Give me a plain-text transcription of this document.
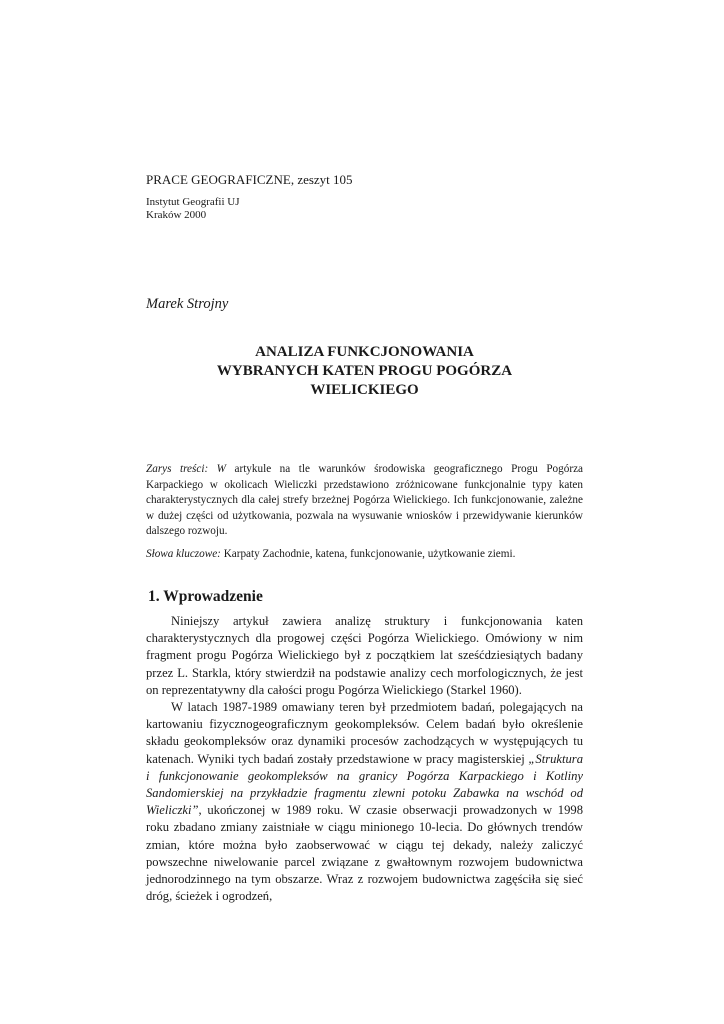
PRACE GEOGRAFICZNE, zeszyt 105
Instytut Geografii UJ
Kraków 2000
Marek Strojny
ANALIZA FUNKCJONOWANIA
WYBRANYCH KATEN PROGU POGÓRZA
WIELICKIEGO
Zarys treści: W artykule na tle warunków środowiska geograficznego Progu Pogórza Karpackiego w okolicach Wieliczki przedstawiono zróżnicowane funkcjonalnie typy katen charakterystycznych dla całej strefy brzeżnej Pogórza Wielickiego. Ich funkcjonowanie, zależne w dużej części od użytkowania, pozwala na wysuwanie wniosków i przewidywanie kierunków dalszego rozwoju.
Słowa kluczowe: Karpaty Zachodnie, katena, funkcjonowanie, użytkowanie ziemi.
1. Wprowadzenie

Niniejszy artykuł zawiera analizę struktury i funkcjonowania katen charakterystycznych dla progowej części Pogórza Wielickiego. Omówiony w nim fragment progu Pogórza Wielickiego był z początkiem lat sześćdziesiątych badany przez L. Starkla, który stwierdził na podstawie analizy cech morfologicznych, że jest on reprezentatywny dla całości progu Pogórza Wielickiego (Starkel 1960).

W latach 1987-1989 omawiany teren był przedmiotem badań, polegających na kartowaniu fizycznogeograficznym geokompleksów. Celem badań było określenie składu geokompleksów oraz dynamiki procesów zachodzących w występujących tu katenach. Wyniki tych badań zostały przedstawione w pracy magisterskiej „Struktura i funkcjonowanie geokompleksów na granicy Pogórza Karpackiego i Kotliny Sandomierskiej na przykładzie fragmentu zlewni potoku Zabawka na wschód od Wieliczki”, ukończonej w 1989 roku. W czasie obserwacji prowadzonych w 1998 roku zbadano zmiany zaistniałe w ciągu minionego 10-lecia. Do głównych trendów zmian, które można było zaobserwować w ciągu tej dekady, należy zaliczyć powszechne niwelowanie parcel związane z gwałtownym rozwojem budownictwa jednorodzinnego na tym obszarze. Wraz z rozwojem budownictwa zagęściła się sieć dróg, ścieżek i ogrodzeń,
